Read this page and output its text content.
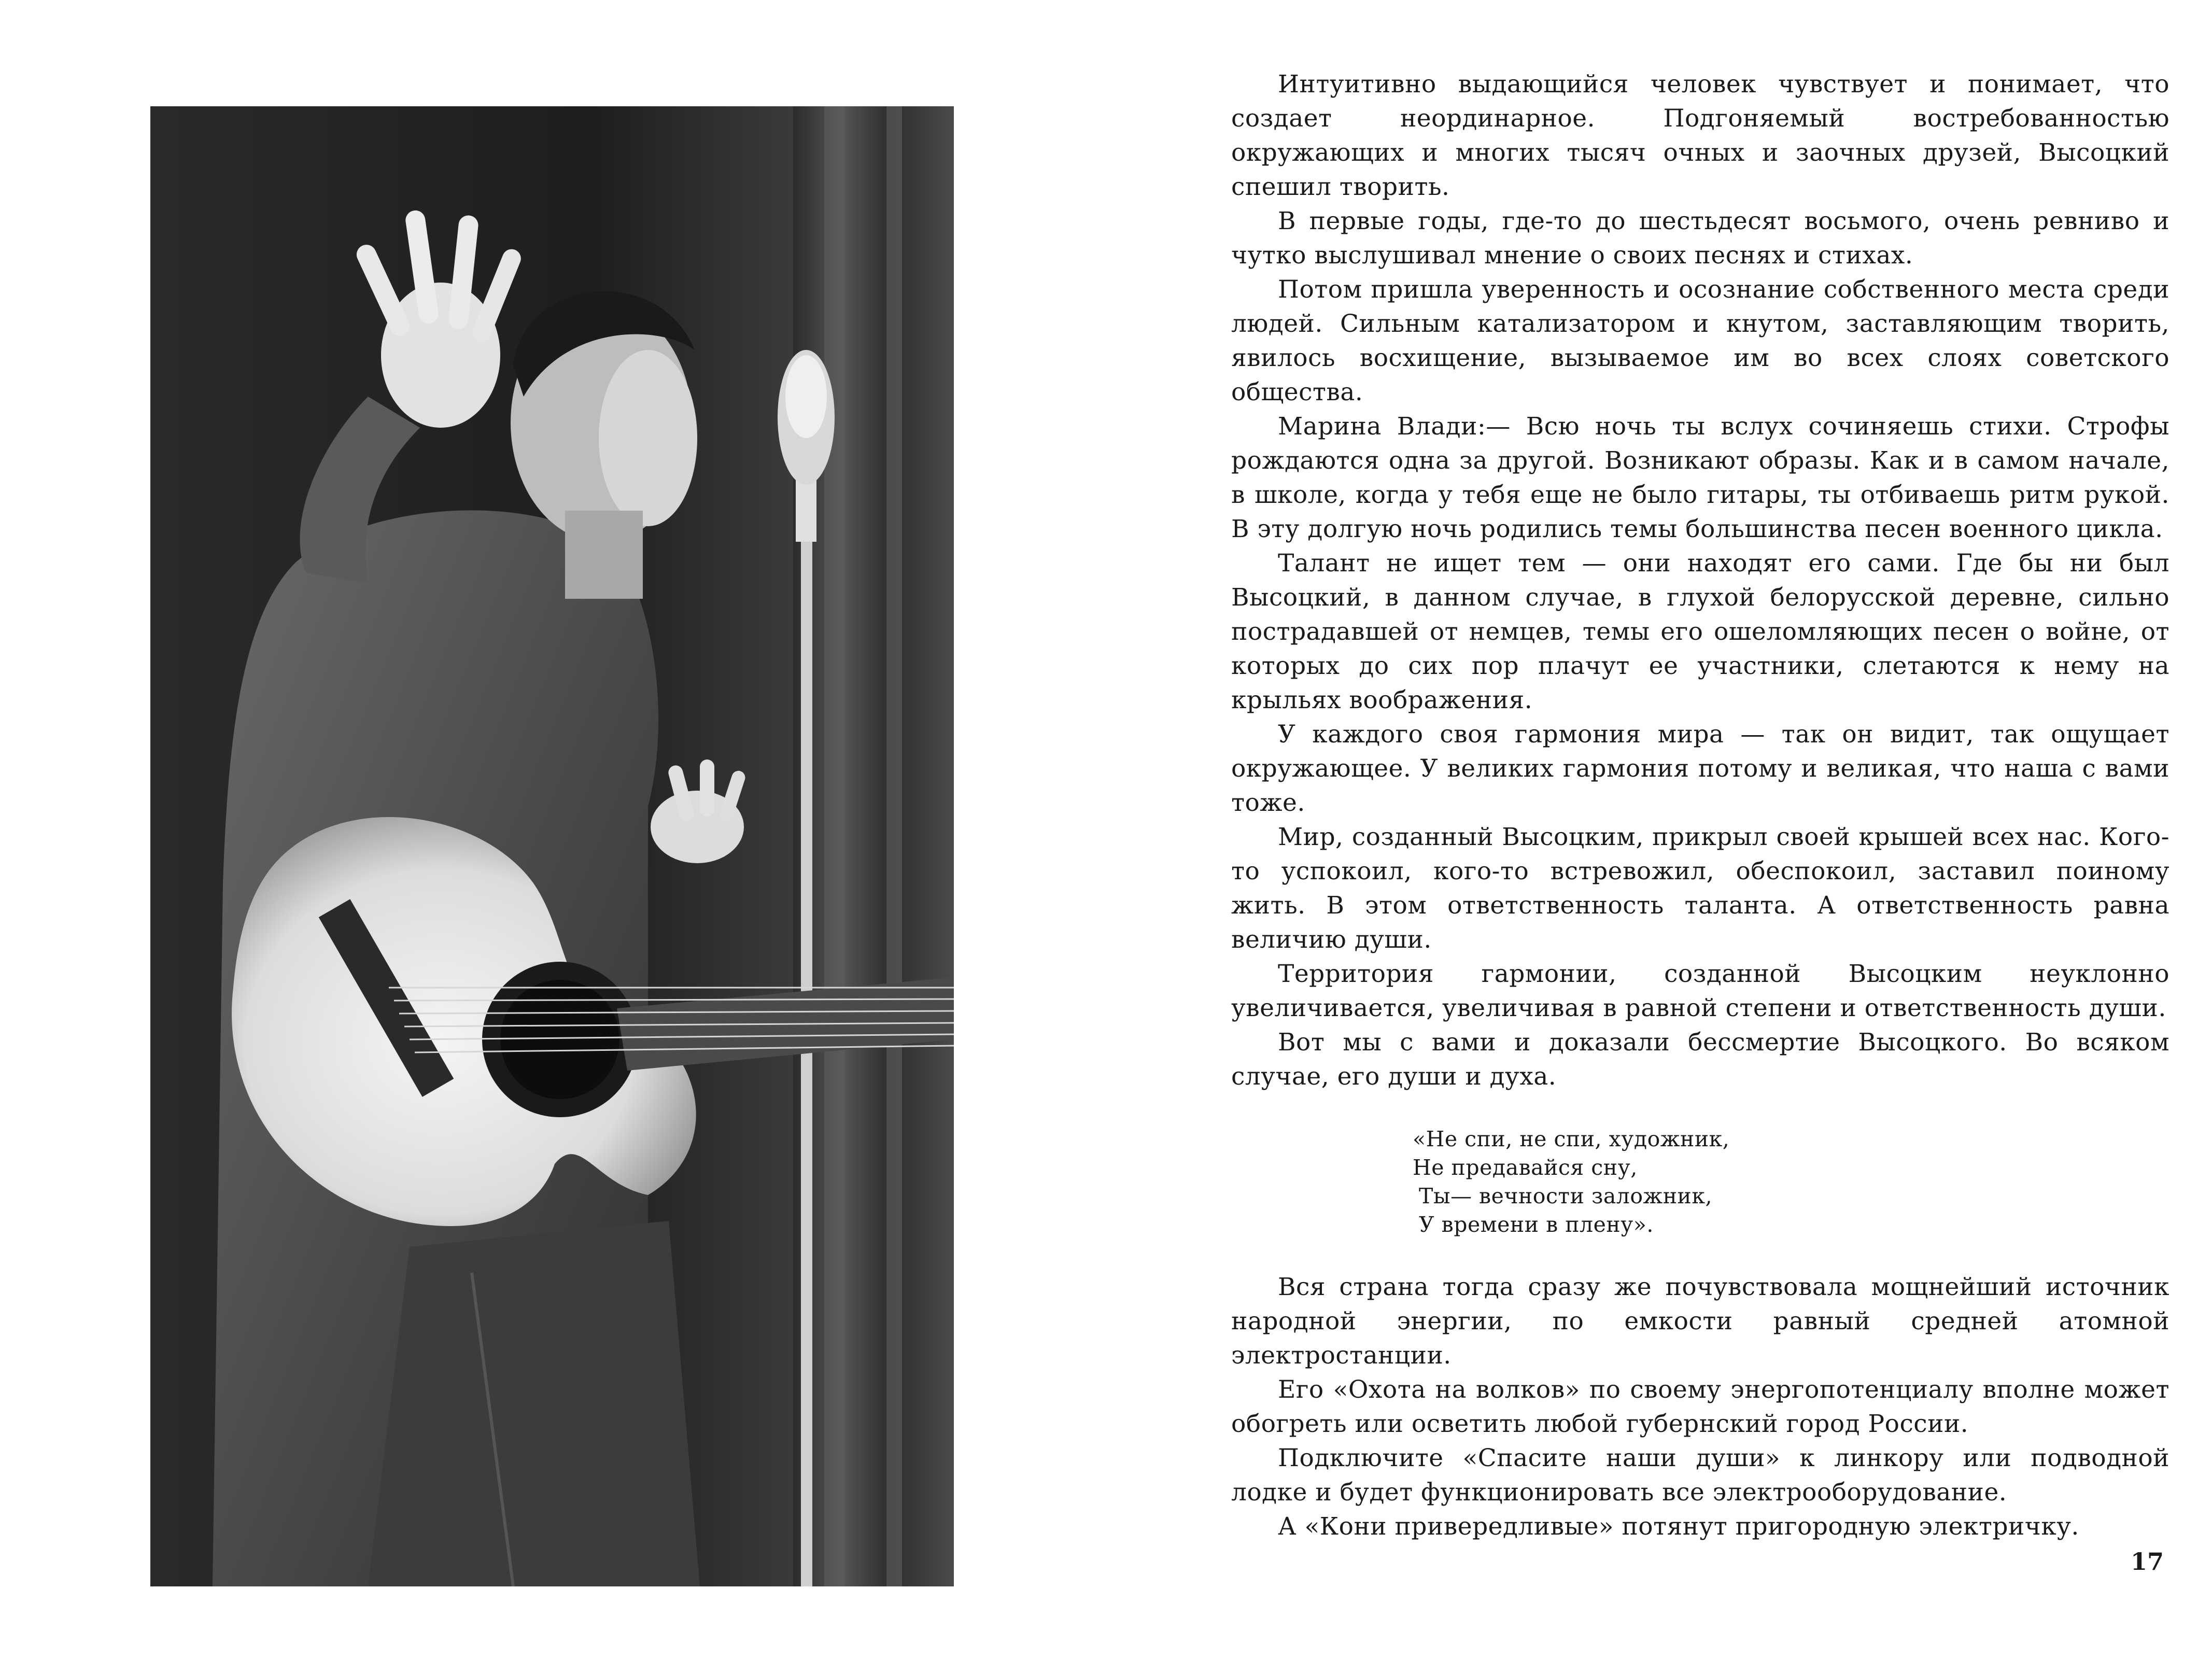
Интуитивно выдающийся человек чувствует и понимает, что создает неординарное. Подгоняемый востребованностью окружающих и многих тысяч очных и заочных друзей, Высоцкий спешил творить.

В первые годы, где-то до шестьдесят восьмого, очень ревниво и чутко выслушивал мнение о своих песнях и стихах.

Потом пришла уверенность и осознание собственного места среди людей. Сильным катализатором и кнутом, заставляющим творить, явилось восхищение, вызываемое им во всех слоях советского общества.

Марина Влади:— Всю ночь ты вслух сочиняешь стихи. Строфы рождаются одна за другой. Возникают образы. Как и в самом начале, в школе, когда у тебя еще не было гитары, ты отбиваешь ритм рукой. В эту долгую ночь родились темы большинства песен военного цикла.

Талант не ищет тем — они находят его сами. Где бы ни был Высоцкий, в данном случае, в глухой белорусской деревне, сильно пострадавшей от немцев, темы его ошеломляющих песен о войне, от которых до сих пор плачут ее участники, слетаются к нему на крыльях воображения.

У каждого своя гармония мира — так он видит, так ощущает окружающее. У великих гармония потому и великая, что наша с вами тоже.

Мир, созданный Высоцким, прикрыл своей крышей всех нас. Кого-то успокоил, кого-то встревожил, обеспокоил, заставил поиному жить. В этом ответственность таланта. А ответственность равна величию души.

Территория гармонии, созданной Высоцким неуклонно увеличивается, увеличивая в равной степени и ответственность души.

Вот мы с вами и доказали бессмертие Высоцкого. Во всяком случае, его души и духа.

«Не спи, не спи, художник,
Не предавайся сну,
Ты— вечности заложник,
У времени в плену».

Вся страна тогда сразу же почувствовала мощнейший источник народной энергии, по емкости равный средней атомной электростанции.

Его «Охота на волков» по своему энергопотенциалу вполне может обогреть или осветить любой губернский город России.

Подключите «Спасите наши души» к линкору или подводной лодке и будет функционировать все электрооборудование.

А «Кони привередливые» потянут пригородную электричку.

17
